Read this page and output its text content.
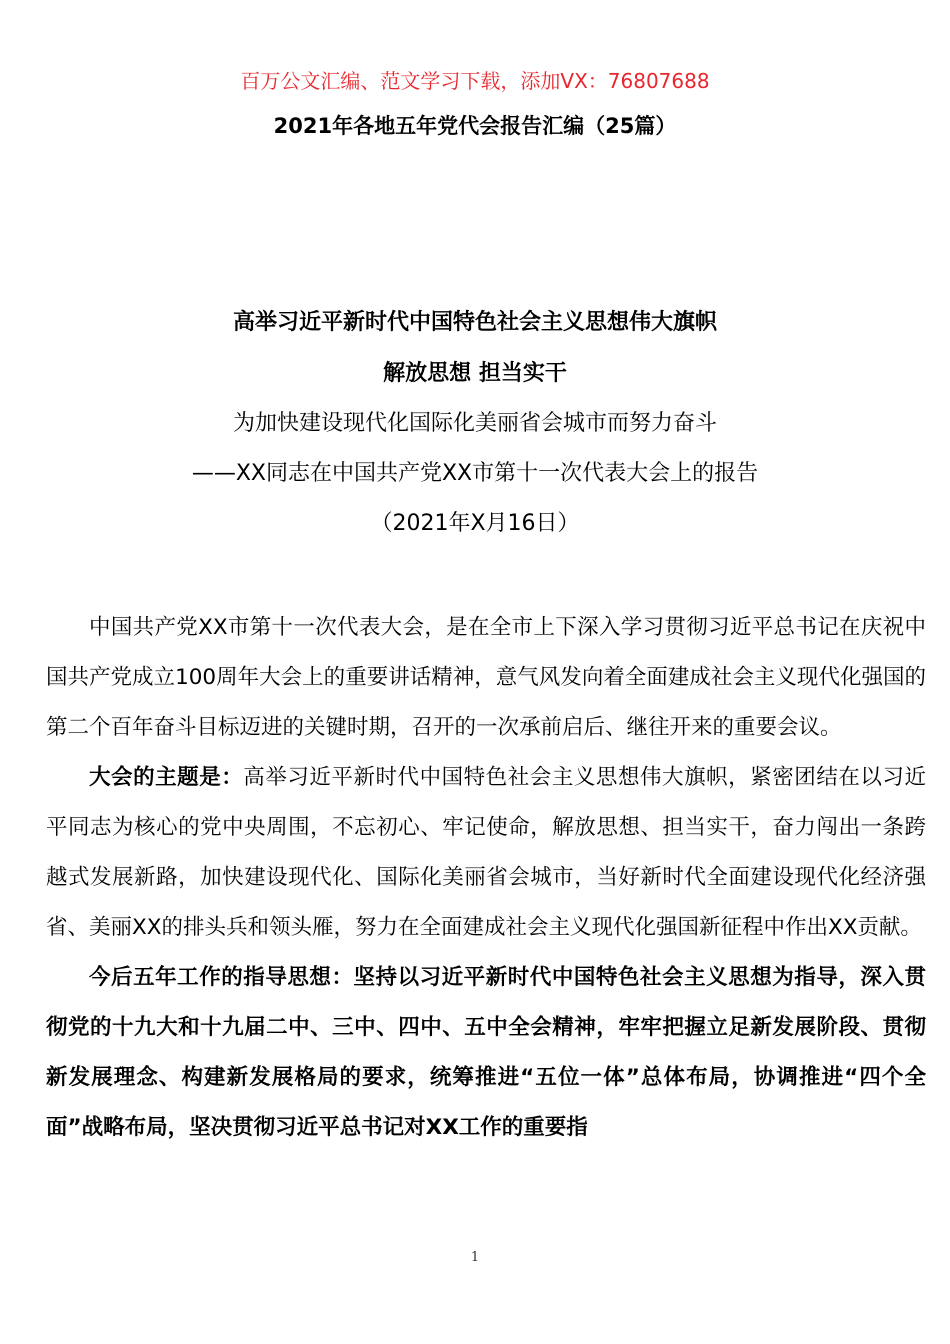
百万公文汇编、范文学习下载，添加VX：76807688
2021年各地五年党代会报告汇编（25篇）
高举习近平新时代中国特色社会主义思想伟大旗帜
解放思想 担当实干
为加快建设现代化国际化美丽省会城市而努力奋斗
——XX同志在中国共产党XX市第十一次代表大会上的报告
（2021年X月16日）

中国共产党XX市第十一次代表大会，是在全市上下深入学习贯彻习近平总书记在庆祝中国共产党成立100周年大会上的重要讲话精神，意气风发向着全面建成社会主义现代化强国的第二个百年奋斗目标迈进的关键时期，召开的一次承前启后、继往开来的重要会议。

大会的主题是：高举习近平新时代中国特色社会主义思想伟大旗帜，紧密团结在以习近平同志为核心的党中央周围，不忘初心、牢记使命，解放思想、担当实干，奋力闯出一条跨越式发展新路，加快建设现代化、国际化美丽省会城市，当好新时代全面建设现代化经济强省、美丽XX的排头兵和领头雁，努力在全面建成社会主义现代化强国新征程中作出XX贡献。

今后五年工作的指导思想：坚持以习近平新时代中国特色社会主义思想为指导，深入贯彻党的十九大和十九届二中、三中、四中、五中全会精神，牢牢把握立足新发展阶段、贯彻新发展理念、构建新发展格局的要求，统筹推进“五位一体”总体布局，协调推进“四个全面”战略布局，坚决贯彻习近平总书记对XX工作的重要指

1
